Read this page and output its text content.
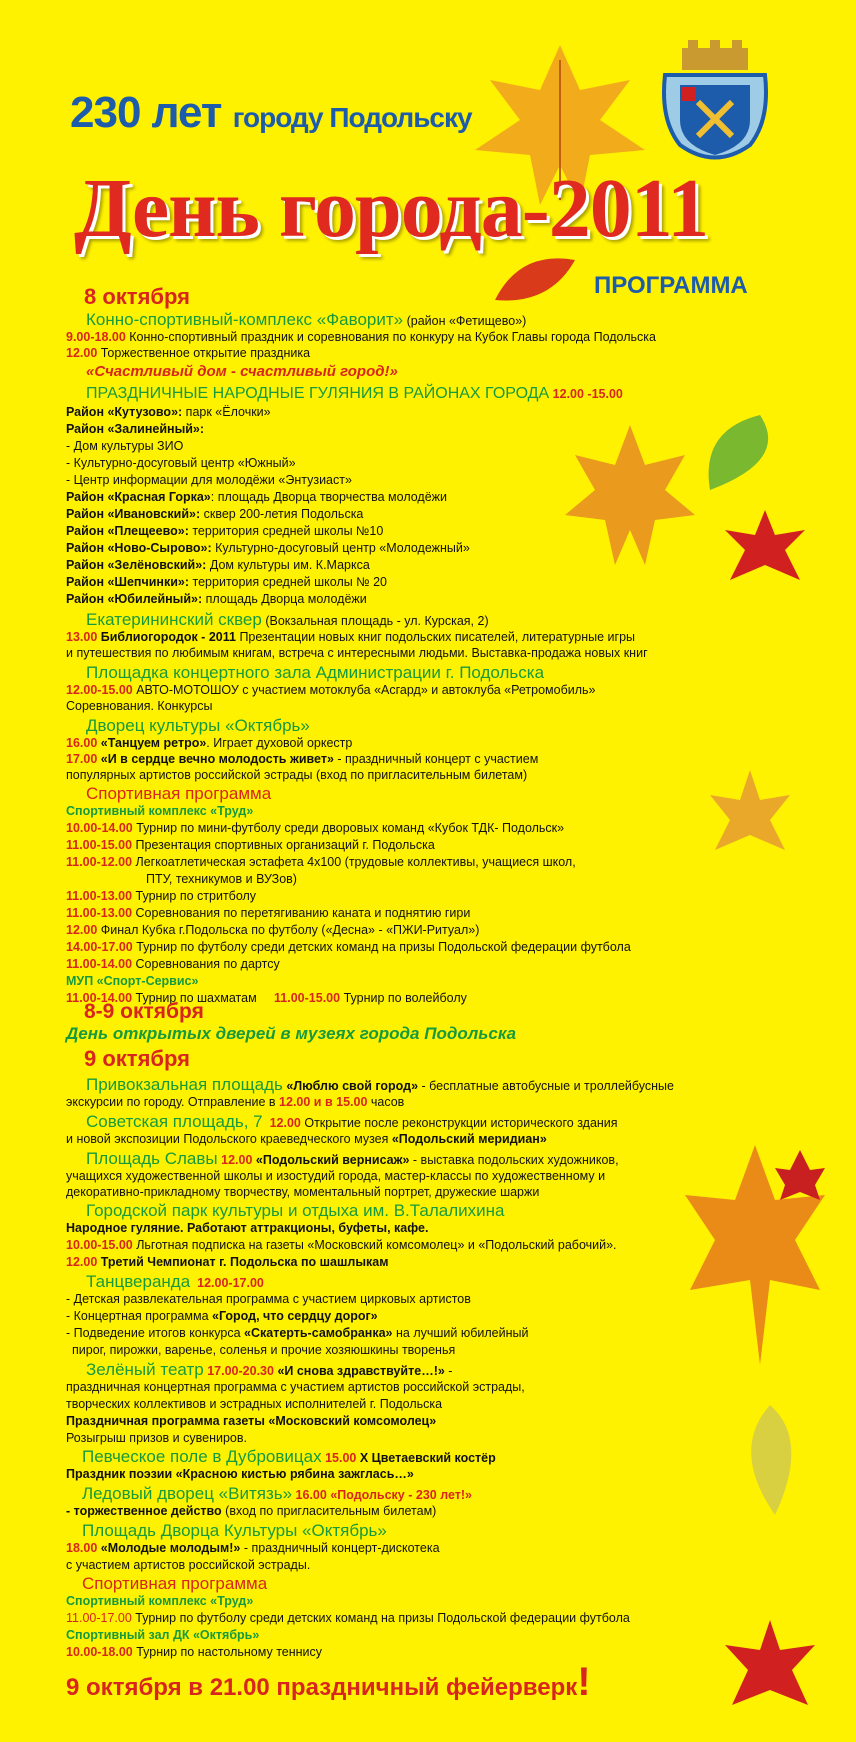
230 лет городу Подольску
День города-2011
ПРОГРАММА
8 октября
Конно-спортивный-комплекс «Фаворит» (район «Фетищево»)
9.00-18.00 Конно-спортивный праздник и соревнования по конкуру на Кубок Главы города Подольска
12.00 Торжественное открытие праздника
«Счастливый дом - счастливый город!»
ПРАЗДНИЧНЫЕ НАРОДНЫЕ ГУЛЯНИЯ В РАЙОНАХ ГОРОДА 12.00 -15.00
Район «Кутузово»: парк «Ёлочки»
Район «Залинейный»:
- Дом культуры ЗИО
- Культурно-досуговый центр «Южный»
- Центр информации для молодёжи «Энтузиаст»
Район «Красная Горка»: площадь Дворца творчества молодёжи
Район «Ивановский»: сквер 200-летия Подольска
Район «Плещеево»: территория средней школы №10
Район «Ново-Сырово»: Культурно-досуговый центр «Молодежный»
Район «Зелёновский»: Дом культуры им. К.Маркса
Район «Шепчинки»: территория средней школы № 20
Район «Юбилейный»: площадь Дворца молодёжи
Екатерининский сквер (Вокзальная площадь - ул. Курская, 2)
13.00 Библиогородок - 2011 Презентации новых книг подольских писателей, литературные игры
и путешествия по любимым книгам, встреча с интересными людьми. Выставка-продажа новых книг
Площадка концертного зала Администрации г. Подольска
12.00-15.00 АВТО-МОТОШОУ с участием мотоклуба «Асгард» и автоклуба «Ретромобиль»
Соревнования. Конкурсы
Дворец культуры «Октябрь»
16.00 «Танцуем ретро». Играет духовой оркестр
17.00 «И в сердце вечно молодость живет» - праздничный концерт с участием
популярных артистов российской эстрады (вход по пригласительным билетам)
Спортивная программа
Спортивный комплекс «Труд»
10.00-14.00 Турнир по мини-футболу среди дворовых команд «Кубок ТДК- Подольск»
11.00-15.00 Презентация спортивных организаций г. Подольска
11.00-12.00 Легкоатлетическая эстафета 4х100 (трудовые коллективы, учащиеся школ,
ПТУ, техникумов и ВУЗов)
11.00-13.00 Турнир по стритболу
11.00-13.00 Соревнования по перетягиванию каната и поднятию гири
12.00 Финал Кубка г.Подольска по футболу («Десна» - «ПЖИ-Ритуал»)
14.00-17.00 Турнир по футболу среди детских команд на призы Подольской федерации футбола
11.00-14.00 Соревнования по дартсу
МУП «Спорт-Сервис»
11.00-14.00 Турнир по шахматам 11.00-15.00 Турнир по волейболу
8-9 октября
День открытых дверей в музеях города Подольска
9 октября
Привокзальная площадь «Люблю свой город» - бесплатные автобусные и троллейбусные
экскурсии по городу. Отправление в 12.00 и в 15.00 часов
Советская площадь, 7 12.00 Открытие после реконструкции исторического здания
и новой экспозиции Подольского краеведческого музея «Подольский меридиан»
Площадь Славы 12.00 «Подольский вернисаж» - выставка подольских художников,
учащихся художественной школы и изостудий города, мастер-классы по художественному и
декоративно-прикладному творчеству, моментальный портрет, дружеские шаржи
Городской парк культуры и отдыха им. В.Талалихина
Народное гуляние. Работают аттракционы, буфеты, кафе.
10.00-15.00 Льготная подписка на газеты «Московский комсомолец» и «Подольский рабочий».
12.00 Третий Чемпионат г. Подольска по шашлыкам
Танцверанда 12.00-17.00
- Детская развлекательная программа с участием цирковых артистов
- Концертная программа «Город, что сердцу дорог»
- Подведение итогов конкурса «Скатерть-самобранка» на лучший юбилейный
пирог, пирожки, варенье, соленья и прочие хозяюшкины творенья
Зелёный театр 17.00-20.30 «И снова здравствуйте…!» -
праздничная концертная программа с участием артистов российской эстрады,
творческих коллективов и эстрадных исполнителей г. Подольска
Праздничная программа газеты «Московский комсомолец»
Розыгрыш призов и сувениров.
Певческое поле в Дубровицах 15.00 Х Цветаевский костёр
Праздник поэзии «Красною кистью рябина зажглась…»
Ледовый дворец «Витязь» 16.00 «Подольску - 230 лет!»
- торжественное действо (вход по пригласительным билетам)
Площадь Дворца Культуры «Октябрь»
18.00 «Молодые молодым!» - праздничный концерт-дискотека
с участием артистов российской эстрады.
Спортивная программа
Спортивный комплекс «Труд»
11.00-17.00 Турнир по футболу среди детских команд на призы Подольской федерации футбола
Спортивный зал ДК «Октябрь»
10.00-18.00 Турнир по настольному теннису
9 октября в 21.00 праздничный фейерверк!
